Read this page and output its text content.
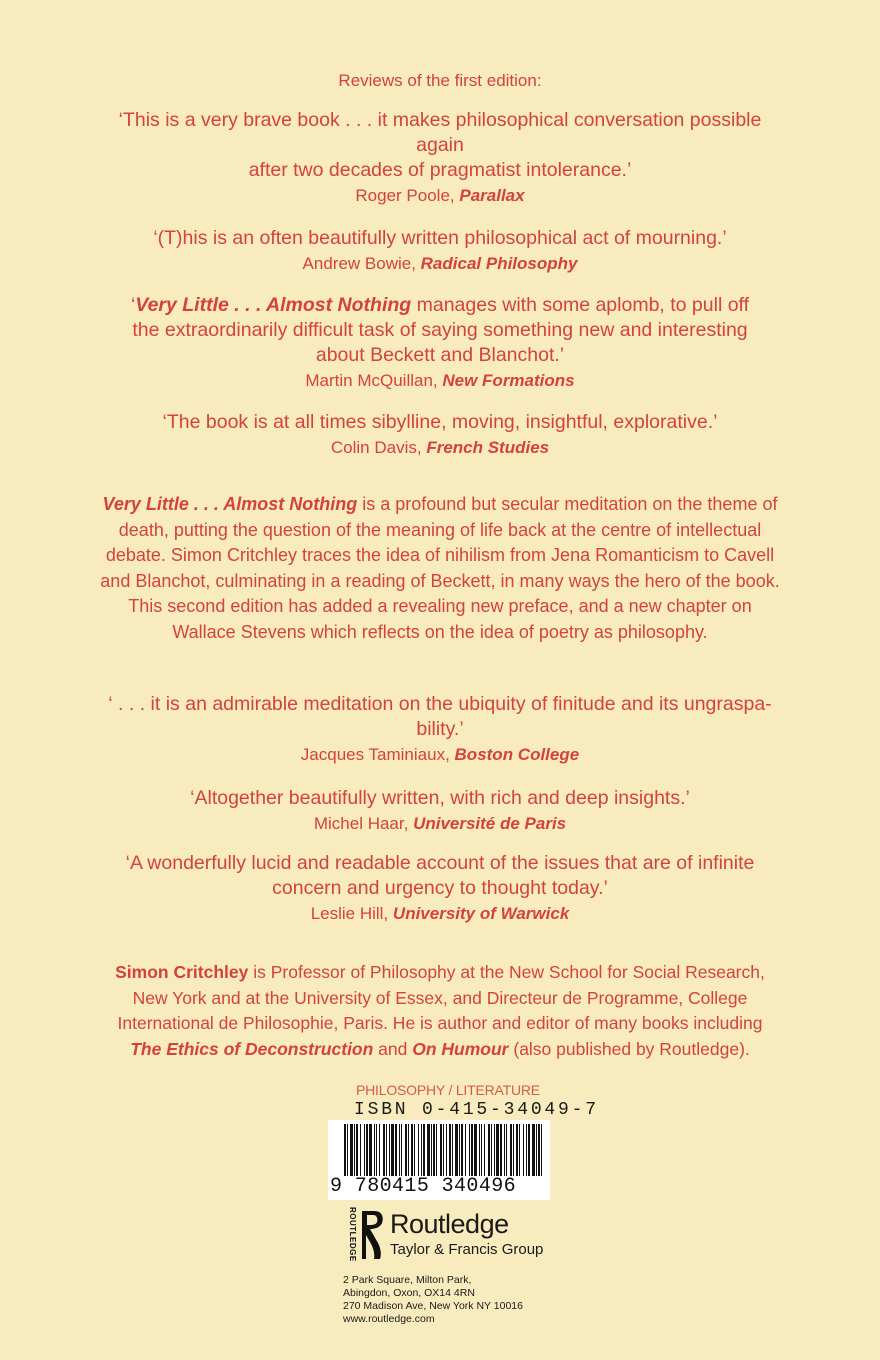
Reviews of the first edition:
‘This is a very brave book . . . it makes philosophical conversation possible
again
after two decades of pragmatist intolerance.’
Roger Poole, Parallax
‘(T)his is an often beautifully written philosophical act of mourning.’
Andrew Bowie, Radical Philosophy
‘Very Little . . . Almost Nothing manages with some aplomb, to pull off
the extraordinarily difficult task of saying something new and interesting
about Beckett and Blanchot.’
Martin McQuillan, New Formations
‘The book is at all times sibylline, moving, insightful, explorative.’
Colin Davis, French Studies
Very Little . . . Almost Nothing is a profound but secular meditation on the theme of
death, putting the question of the meaning of life back at the centre of intellectual
debate. Simon Critchley traces the idea of nihilism from Jena Romanticism to Cavell
and Blanchot, culminating in a reading of Beckett, in many ways the hero of the book.
This second edition has added a revealing new preface, and a new chapter on
Wallace Stevens which reflects on the idea of poetry as philosophy.
‘ . . . it is an admirable meditation on the ubiquity of finitude and its ungraspa-
bility.’
Jacques Taminiaux, Boston College
‘Altogether beautifully written, with rich and deep insights.’
Michel Haar, Université de Paris
‘A wonderfully lucid and readable account of the issues that are of infinite
concern and urgency to thought today.’
Leslie Hill, University of Warwick
Simon Critchley is Professor of Philosophy at the New School for Social Research,
New York and at the University of Essex, and Directeur de Programme, College
International de Philosophie, Paris. He is author and editor of many books including
The Ethics of Deconstruction and On Humour (also published by Routledge).
PHILOSOPHY / LITERATURE
ISBN 0-415-34049-7
9 780415 340496
ROUTLEDGE Routledge
Taylor & Francis Group
2 Park Square, Milton Park,
Abingdon, Oxon, OX14 4RN
270 Madison Ave, New York NY 10016
www.routledge.com
